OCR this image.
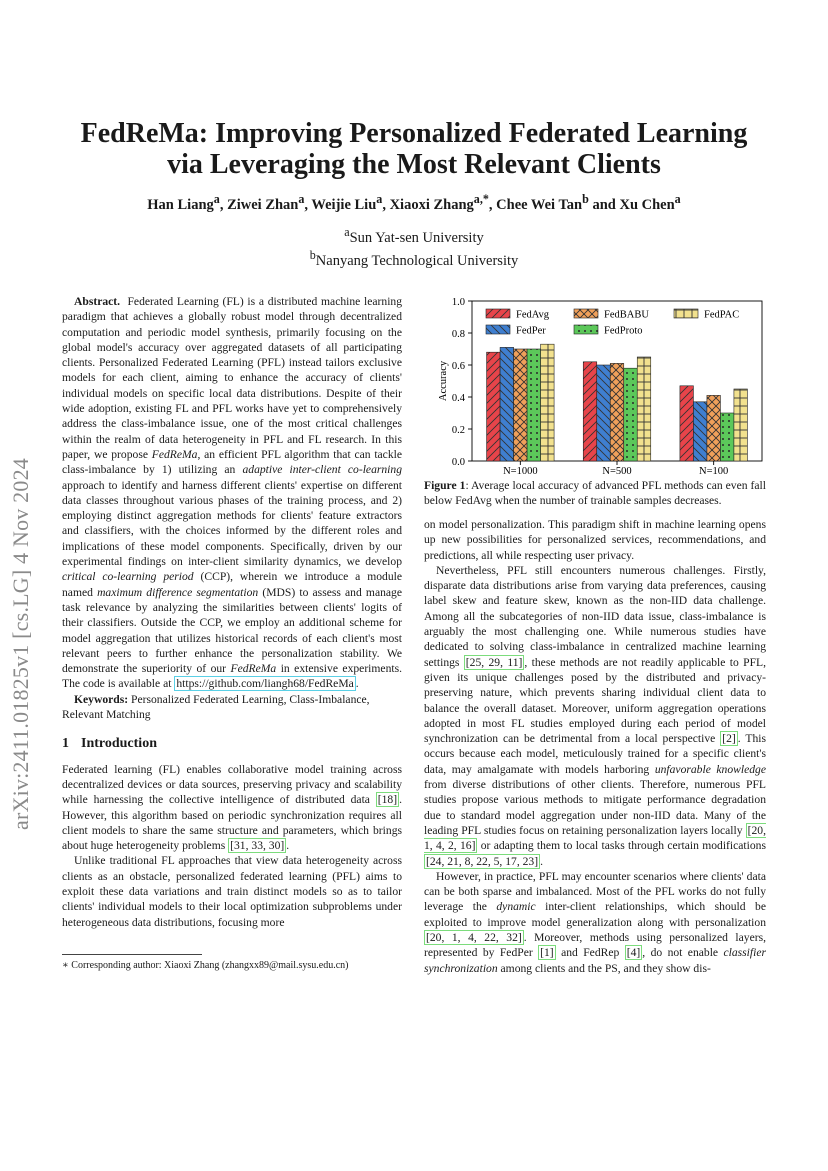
arXiv:2411.01825v1 [cs.LG] 4 Nov 2024
FedReMa: Improving Personalized Federated Learning
via Leveraging the Most Relevant Clients
Han Liang$^a$, Ziwei Zhan$^a$, Weijie Liu$^a$, Xiaoxi Zhang$^{a,*}$, Chee Wei Tan$^b$ and Xu Chen$^a$
$^a$Sun Yat-sen University
$^b$Nanyang Technological University

Abstract. Federated Learning (FL) is a distributed machine learning paradigm that achieves a globally robust model through decentralized computation and periodic model synthesis, primarily focusing on the global model's accuracy over aggregated datasets of all participating clients. Personalized Federated Learning (PFL) instead tailors exclusive models for each client, aiming to enhance the accuracy of clients' individual models on specific local data distributions. Despite of their wide adoption, existing FL and PFL works have yet to comprehensively address the class-imbalance issue, one of the most critical challenges within the realm of data heterogeneity in PFL and FL research. In this paper, we propose FedReMa, an efficient PFL algorithm that can tackle class-imbalance by 1) utilizing an adaptive inter-client co-learning approach to identify and harness different clients' expertise on different data classes throughout various phases of the training process, and 2) employing distinct aggregation methods for clients' feature extractors and classifiers, with the choices informed by the different roles and implications of these model components. Specifically, driven by our experimental findings on inter-client similarity dynamics, we develop critical co-learning period (CCP), wherein we introduce a module named maximum difference segmentation (MDS) to assess and manage task relevance by analyzing the similarities between clients' logits of their classifiers. Outside the CCP, we employ an additional scheme for model aggregation that utilizes historical records of each client's most relevant peers to further enhance the personalization stability. We demonstrate the superiority of our FedReMa in extensive experiments. The code is available at https://github.com/liangh68/FedReMa .

Keywords: Personalized Federated Learning, Class-Imbalance, Relevant Matching

1 Introduction

Federated learning (FL) enables collaborative model training across decentralized devices or data sources, preserving privacy and scalability while harnessing the collective intelligence of distributed data [18] . However, this algorithm based on periodic synchronization requires all client models to share the same structure and parameters, which brings about huge heterogeneity problems [31, 33, 30] .

Unlike traditional FL approaches that view data heterogeneity across clients as an obstacle, personalized federated learning (PFL) aims to exploit these data variations and train distinct models so as to tailor clients' individual models to their local optimization subproblems under heterogeneous data distributions, focusing more

∗ Corresponding author: Xiaoxi Zhang (zhangxx89@mail.sysu.edu.cn)
0.0
0.2
0.4
0.6
0.8
1.0
Accuracy
N=1000	N=500	N=100
FedAvg
FedPer
FedBABU
FedProto
FedPAC

Figure 1: Average local accuracy of advanced PFL methods can even fall below FedAvg when the number of trainable samples decreases.

on model personalization. This paradigm shift in machine learning opens up new possibilities for personalized services, recommendations, and predictions, all while respecting user privacy.

Nevertheless, PFL still encounters numerous challenges. Firstly, disparate data distributions arise from varying data preferences, causing label skew and feature skew, known as the non-IID data challenge. Among all the subcategories of non-IID data issue, class-imbalance is arguably the most challenging one. While numerous studies have dedicated to solving class-imbalance in centralized machine learning settings [25, 29, 11] , these methods are not readily applicable to PFL, given its unique challenges posed by the distributed and privacy-preserving nature, which prevents sharing individual client data to balance the overall dataset. Moreover, uniform aggregation operations adopted in most FL studies employed during each period of model synchronization can be detrimental from a local perspective [2] . This occurs because each model, meticulously trained for a specific client's data, may amalgamate with models harboring unfavorable knowledge from diverse distributions of other clients. Therefore, numerous PFL studies propose various methods to mitigate performance degradation due to standard model aggregation under non-IID data. Many of the leading PFL studies focus on retaining personalization layers locally [20, 1, 4, 2, 16] or adapting them to local tasks through certain modifications [24, 21, 8, 22, 5, 17, 23] .

However, in practice, PFL may encounter scenarios where clients' data can be both sparse and imbalanced. Most of the PFL works do not fully leverage the dynamic inter-client relationships, which should be exploited to improve model generalization along with personalization [20, 1, 4, 22, 32] . Moreover, methods using personalized layers, represented by FedPer [1] and FedRep [4] , do not enable classifier synchronization among clients and the PS, and they show dis-
